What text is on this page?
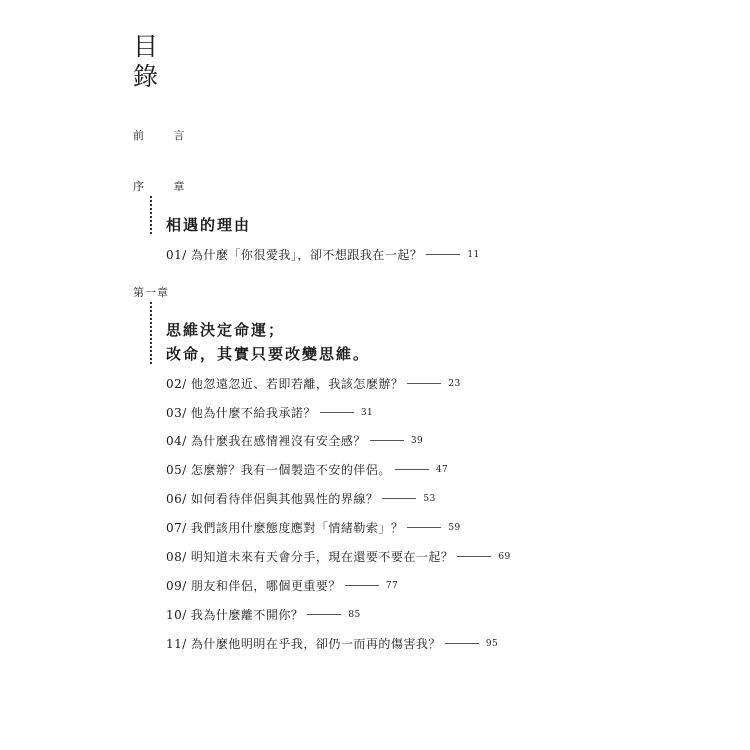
目
錄
前 言
序 章
相遇的理由
01/ 為什麼「你很愛我」，卻不想跟我在一起？	11
第一章
思維決定命運；
改命，其實只要改變思維。
02/ 他忽遠忽近、若即若離，我該怎麼辦？	23
03/ 他為什麼不給我承諾？	31
04/ 為什麼我在感情裡沒有安全感？	39
05/ 怎麼辦？我有一個製造不安的伴侶。	47
06/ 如何看待伴侶與其他異性的界線？	53
07/ 我們該用什麼態度應對「情緒勒索」？	59
08/ 明知道未來有天會分手，現在還要不要在一起？	69
09/ 朋友和伴侶，哪個更重要？	77
10/ 我為什麼離不開你？	85
11/ 為什麼他明明在乎我，卻仍一而再的傷害我？	95
